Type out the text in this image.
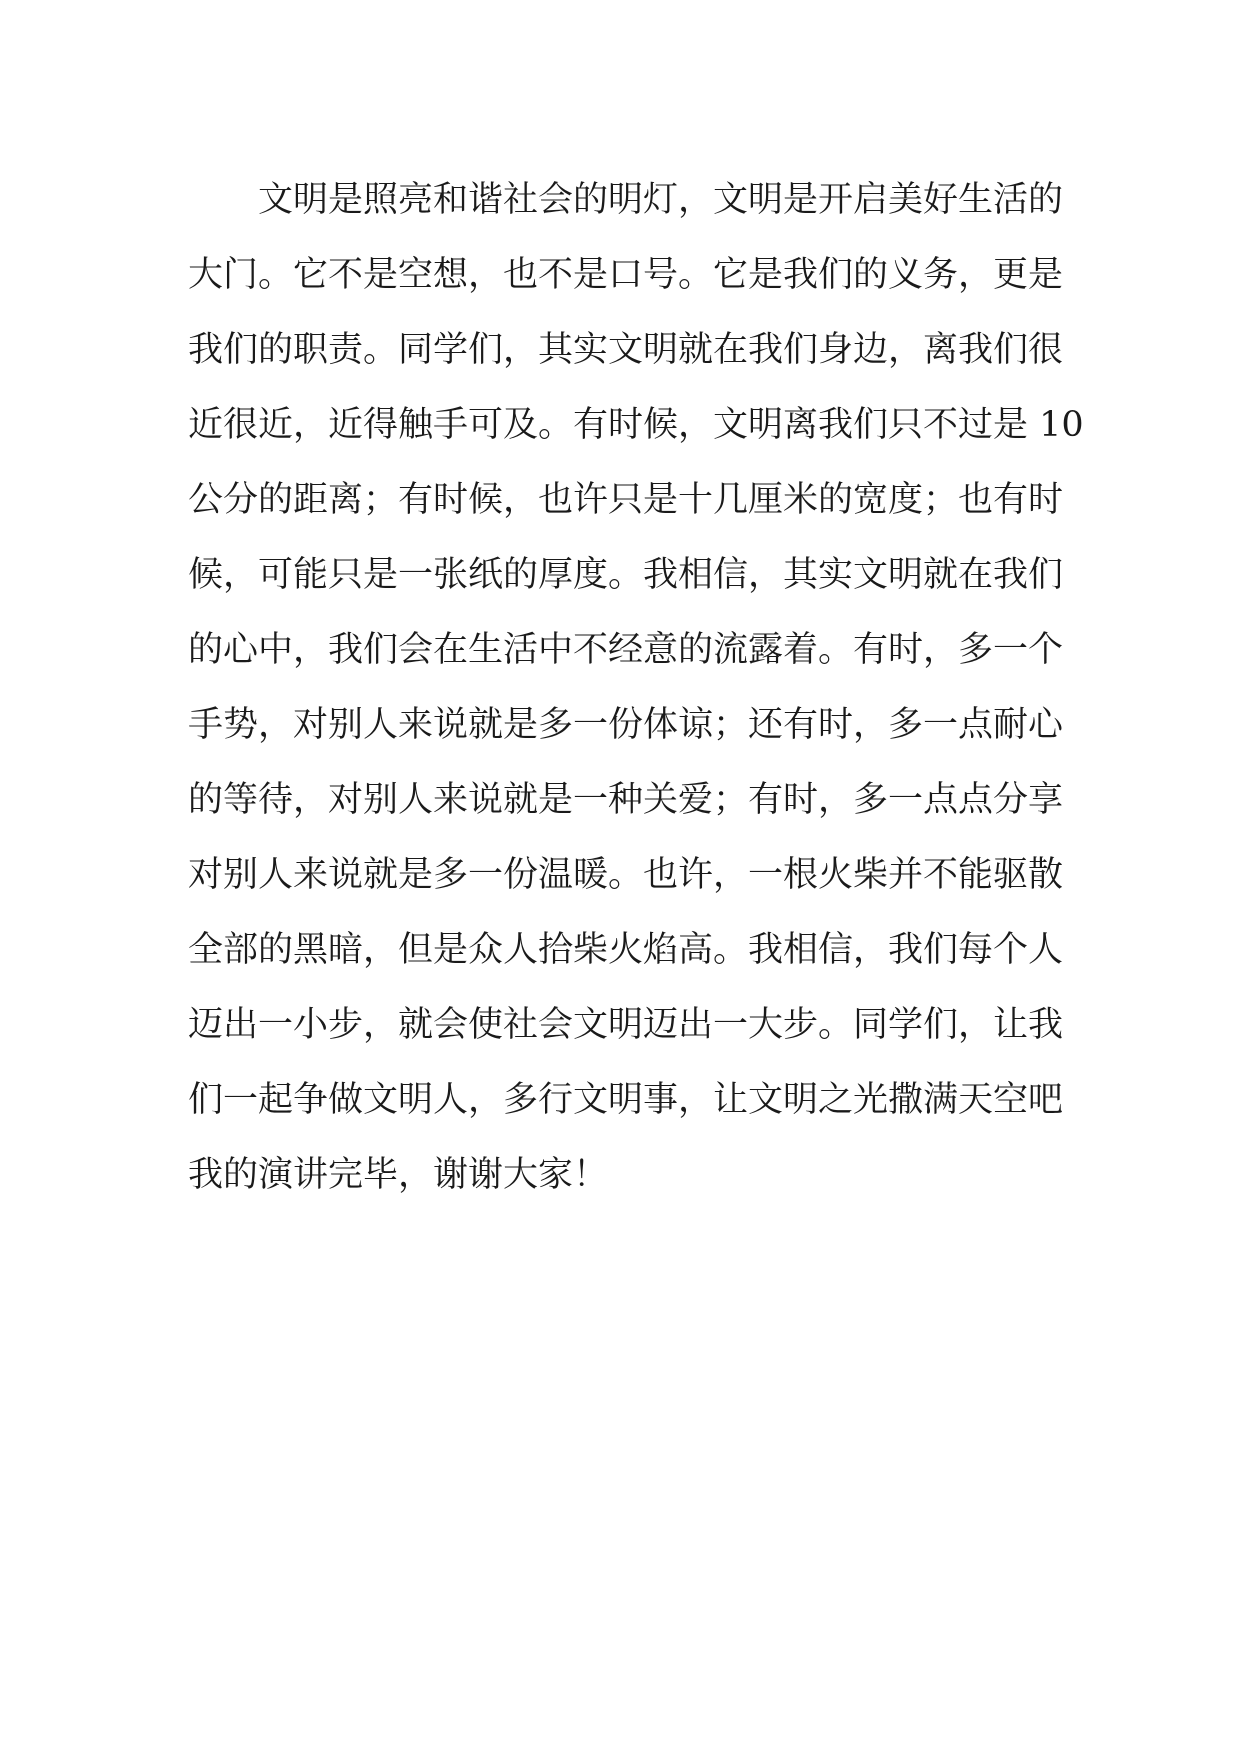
文明是照亮和谐社会的明灯，文明是开启美好生活的
大门。它不是空想，也不是口号。它是我们的义务，更是
我们的职责。同学们，其实文明就在我们身边，离我们很
近很近，近得触手可及。有时候，文明离我们只不过是 10
公分的距离；有时候，也许只是十几厘米的宽度；也有时
候，可能只是一张纸的厚度。我相信，其实文明就在我们
的心中，我们会在生活中不经意的流露着。有时，多一个
手势，对别人来说就是多一份体谅；还有时，多一点耐心
的等待，对别人来说就是一种关爱；有时，多一点点分享
对别人来说就是多一份温暖。也许，一根火柴并不能驱散
全部的黑暗，但是众人拾柴火焰高。我相信，我们每个人
迈出一小步，就会使社会文明迈出一大步。同学们，让我
们一起争做文明人，多行文明事，让文明之光撒满天空吧
我的演讲完毕，谢谢大家！
